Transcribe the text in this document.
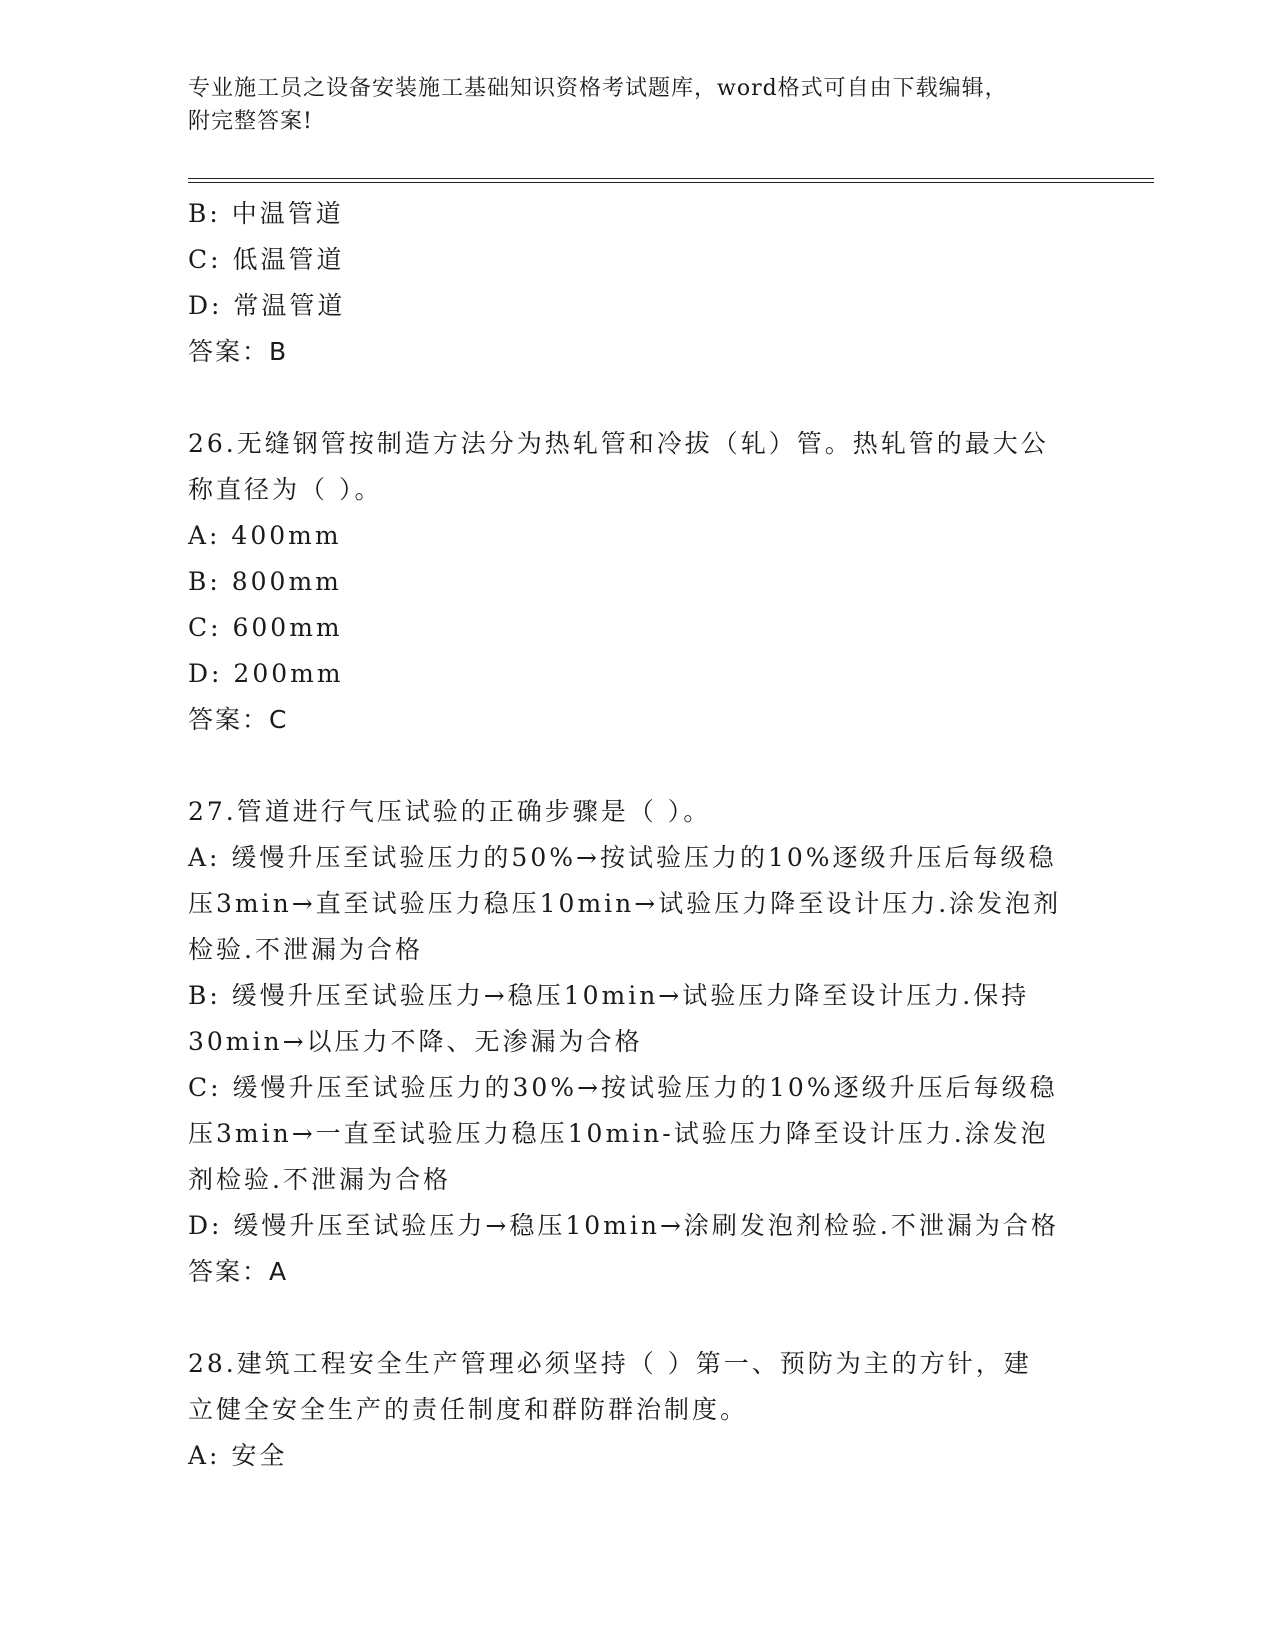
专业施工员之设备安装施工基础知识资格考试题库，word格式可自由下载编辑，
附完整答案!
B: 中温管道
C: 低温管道
D: 常温管道
答案：B
26.无缝钢管按制造方法分为热轧管和冷拔（轧）管。热轧管的最大公
称直径为（ ）。
A: 400mm
B: 800mm
C: 600mm
D: 200mm
答案：C
27.管道进行气压试验的正确步骤是（ ）。
A: 缓慢升压至试验压力的50%→按试验压力的10%逐级升压后每级稳
压3min→直至试验压力稳压10min→试验压力降至设计压力.涂发泡剂
检验.不泄漏为合格
B: 缓慢升压至试验压力→稳压10min→试验压力降至设计压力.保持
30min→以压力不降、无渗漏为合格
C: 缓慢升压至试验压力的30%→按试验压力的10%逐级升压后每级稳
压3min→一直至试验压力稳压10min-试验压力降至设计压力.涂发泡
剂检验.不泄漏为合格
D: 缓慢升压至试验压力→稳压10min→涂刷发泡剂检验.不泄漏为合格
答案：A
28.建筑工程安全生产管理必须坚持（ ）第一、预防为主的方针，建
立健全安全生产的责任制度和群防群治制度。
A: 安全
